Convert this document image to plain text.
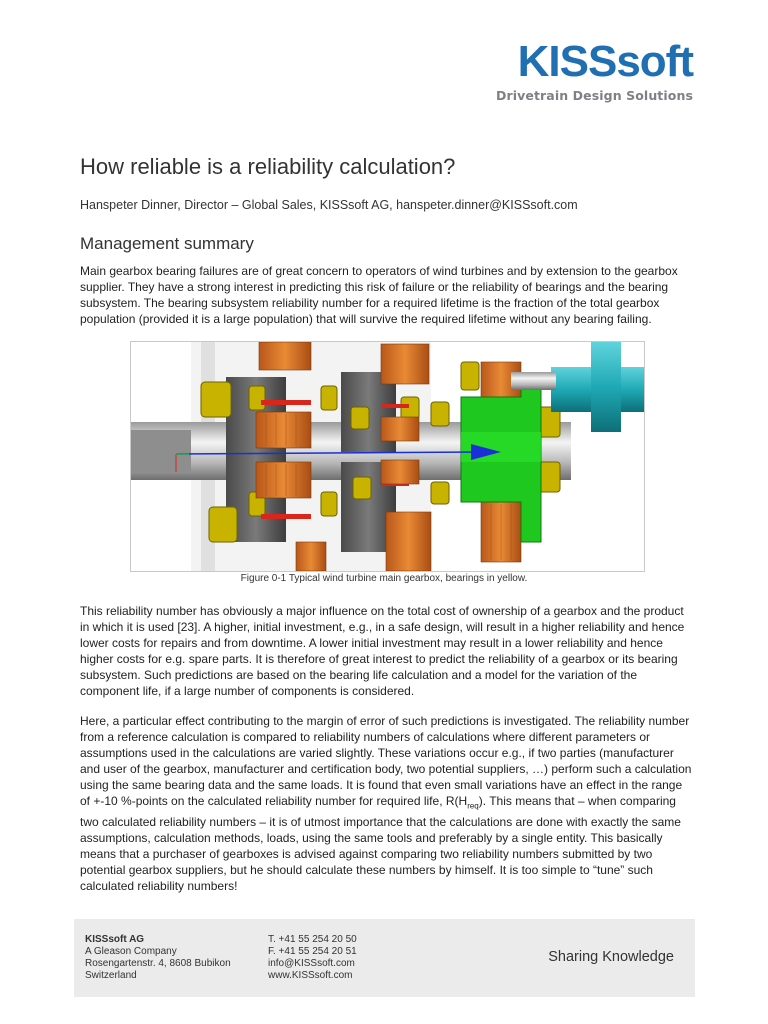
KISSsoft
Drivetrain Design Solutions
How reliable is a reliability calculation?

Hanspeter Dinner, Director – Global Sales, KISSsoft AG, hanspeter.dinner@KISSsoft.com

Management summary

Main gearbox bearing failures are of great concern to operators of wind turbines and by extension to the gearbox supplier. They have a strong interest in predicting this risk of failure or the reliability of bearings and the bearing subsystem. The bearing subsystem reliability number for a required lifetime is the fraction of the total gearbox population (provided it is a large population) that will survive the required lifetime without any bearing failing.

Figure 0-1 Typical wind turbine main gearbox, bearings in yellow.

This reliability number has obviously a major influence on the total cost of ownership of a gearbox and the product in which it is used [23]. A higher, initial investment, e.g., in a safe design, will result in a higher reliability and hence lower costs for repairs and from downtime. A lower initial investment may result in a lower reliability and hence higher costs for e.g. spare parts. It is therefore of great interest to predict the reliability of a gearbox or its bearing subsystem. Such predictions are based on the bearing life calculation and a model for the variation of the component life, if a large number of components is considered.

Here, a particular effect contributing to the margin of error of such predictions is investigated. The reliability number from a reference calculation is compared to reliability numbers of calculations where different parameters or assumptions used in the calculations are varied slightly. These variations occur e.g., if two parties (manufacturer and user of the gearbox, manufacturer and certification body, two potential suppliers, …) perform such a calculation using the same bearing data and the same loads. It is found that even small variations have an effect in the range of +-10 %-points on the calculated reliability number for required life, $R(H_{req})$. This means that – when comparing two calculated reliability numbers – it is of utmost importance that the calculations are done with exactly the same assumptions, calculation methods, loads, using the same tools and preferably by a single entity. This basically means that a purchaser of gearboxes is advised against comparing two reliability numbers submitted by two potential gearbox suppliers, but he should calculate these numbers by himself. It is too simple to “tune” such calculated reliability numbers!

KISSsoft AG
A Gleason Company
Rosengartenstr. 4, 8608 Bubikon
Switzerland
T. +41 55 254 20 50
F. +41 55 254 20 51
info@KISSsoft.com
www.KISSsoft.com
Sharing Knowledge
